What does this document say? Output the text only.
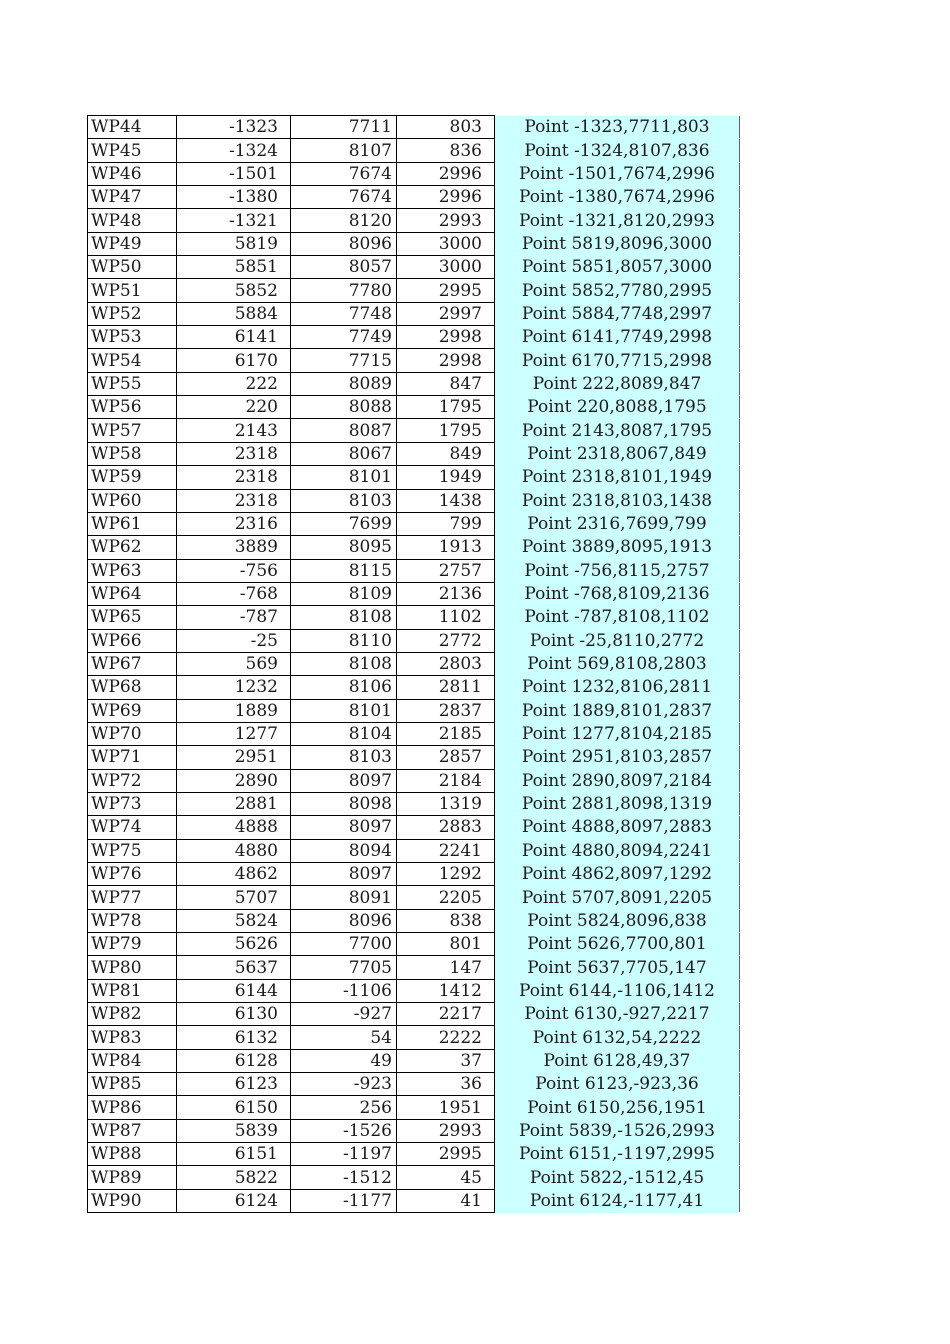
WP44	-1323	7711	803	Point -1323,7711,803
WP45	-1324	8107	836	Point -1324,8107,836
WP46	-1501	7674	2996	Point -1501,7674,2996
WP47	-1380	7674	2996	Point -1380,7674,2996
WP48	-1321	8120	2993	Point -1321,8120,2993
WP49	5819	8096	3000	Point 5819,8096,3000
WP50	5851	8057	3000	Point 5851,8057,3000
WP51	5852	7780	2995	Point 5852,7780,2995
WP52	5884	7748	2997	Point 5884,7748,2997
WP53	6141	7749	2998	Point 6141,7749,2998
WP54	6170	7715	2998	Point 6170,7715,2998
WP55	222	8089	847	Point 222,8089,847
WP56	220	8088	1795	Point 220,8088,1795
WP57	2143	8087	1795	Point 2143,8087,1795
WP58	2318	8067	849	Point 2318,8067,849
WP59	2318	8101	1949	Point 2318,8101,1949
WP60	2318	8103	1438	Point 2318,8103,1438
WP61	2316	7699	799	Point 2316,7699,799
WP62	3889	8095	1913	Point 3889,8095,1913
WP63	-756	8115	2757	Point -756,8115,2757
WP64	-768	8109	2136	Point -768,8109,2136
WP65	-787	8108	1102	Point -787,8108,1102
WP66	-25	8110	2772	Point -25,8110,2772
WP67	569	8108	2803	Point 569,8108,2803
WP68	1232	8106	2811	Point 1232,8106,2811
WP69	1889	8101	2837	Point 1889,8101,2837
WP70	1277	8104	2185	Point 1277,8104,2185
WP71	2951	8103	2857	Point 2951,8103,2857
WP72	2890	8097	2184	Point 2890,8097,2184
WP73	2881	8098	1319	Point 2881,8098,1319
WP74	4888	8097	2883	Point 4888,8097,2883
WP75	4880	8094	2241	Point 4880,8094,2241
WP76	4862	8097	1292	Point 4862,8097,1292
WP77	5707	8091	2205	Point 5707,8091,2205
WP78	5824	8096	838	Point 5824,8096,838
WP79	5626	7700	801	Point 5626,7700,801
WP80	5637	7705	147	Point 5637,7705,147
WP81	6144	-1106	1412	Point 6144,-1106,1412
WP82	6130	-927	2217	Point 6130,-927,2217
WP83	6132	54	2222	Point 6132,54,2222
WP84	6128	49	37	Point 6128,49,37
WP85	6123	-923	36	Point 6123,-923,36
WP86	6150	256	1951	Point 6150,256,1951
WP87	5839	-1526	2993	Point 5839,-1526,2993
WP88	6151	-1197	2995	Point 6151,-1197,2995
WP89	5822	-1512	45	Point 5822,-1512,45
WP90	6124	-1177	41	Point 6124,-1177,41
